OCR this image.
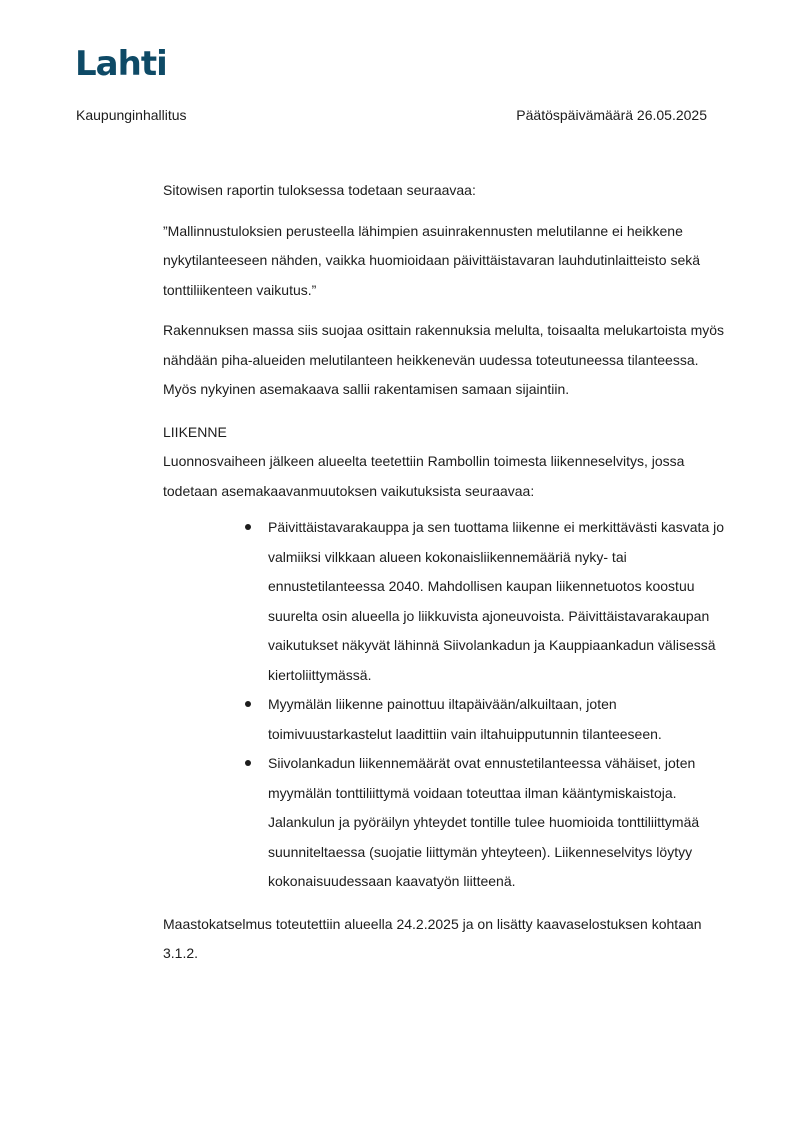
Lahti
Kaupunginhallitus	Päätöspäivämäärä 26.05.2025

Sitowisen raportin tuloksessa todetaan seuraavaa:

”Mallinnustuloksien perusteella lähimpien asuinrakennusten melutilanne ei heikkene nykytilanteeseen nähden, vaikka huomioidaan päivittäistavaran lauhdutinlaitteisto sekä tonttiliikenteen vaikutus.”

Rakennuksen massa siis suojaa osittain rakennuksia melulta, toisaalta melukartoista myös nähdään piha-alueiden melutilanteen heikkenevän uudessa toteutuneessa tilanteessa. Myös nykyinen asemakaava sallii rakentamisen samaan sijaintiin.

LIIKENNE

Luonnosvaiheen jälkeen alueelta teetettiin Rambollin toimesta liikenneselvitys, jossa todetaan asemakaavanmuutoksen vaikutuksista seuraavaa:

Päivittäistavarakauppa ja sen tuottama liikenne ei merkittävästi kasvata jo valmiiksi vilkkaan alueen kokonaisliikennemääriä nyky- tai ennustetilanteessa 2040. Mahdollisen kaupan liikennetuotos koostuu suurelta osin alueella jo liikkuvista ajoneuvoista. Päivittäistavarakaupan vaikutukset näkyvät lähinnä Siivolankadun ja Kauppiaankadun välisessä kiertoliittymässä.
Myymälän liikenne painottuu iltapäivään/alkuiltaan, joten toimivuustarkastelut laadittiin vain iltahuipputunnin tilanteeseen.
Siivolankadun liikennemäärät ovat ennustetilanteessa vähäiset, joten myymälän tonttiliittymä voidaan toteuttaa ilman kääntymiskaistoja. Jalankulun ja pyöräilyn yhteydet tontille tulee huomioida tonttiliittymää suunniteltaessa (suojatie liittymän yhteyteen). Liikenneselvitys löytyy kokonaisuudessaan kaavatyön liitteenä.

Maastokatselmus toteutettiin alueella 24.2.2025 ja on lisätty kaavaselostuksen kohtaan 3.1.2.
